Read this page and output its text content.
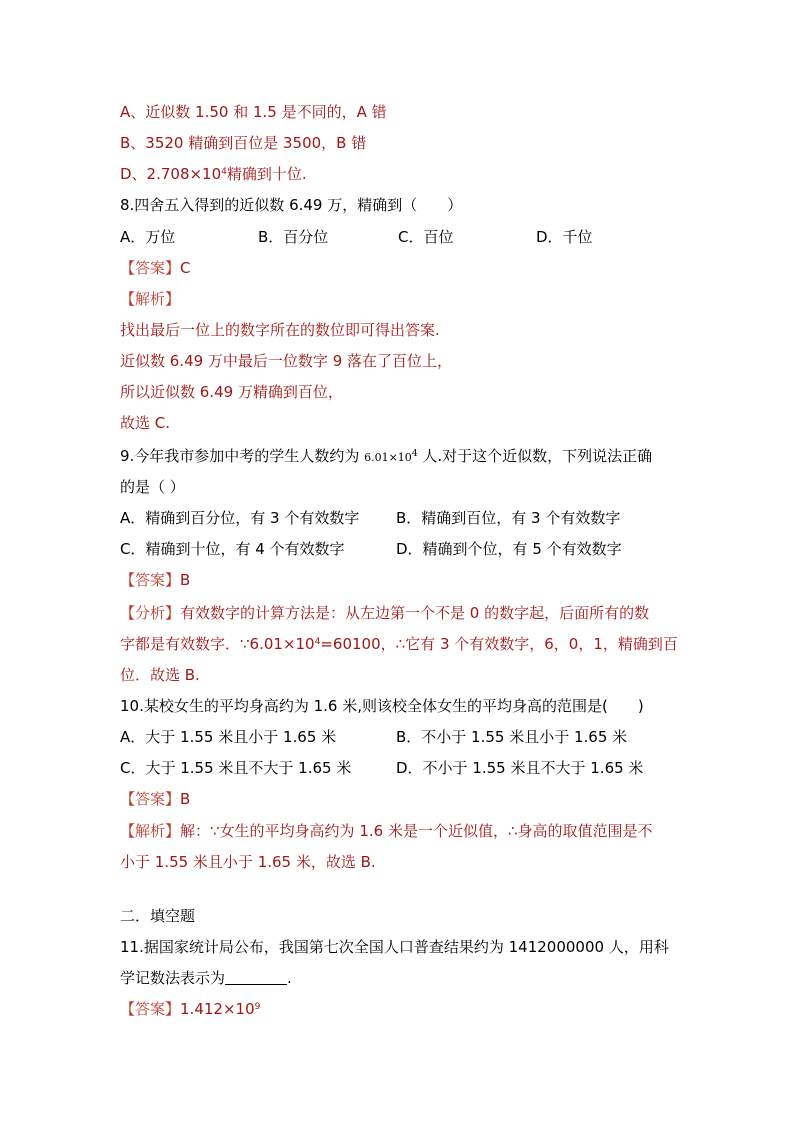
A、近似数 1.50 和 1.5 是不同的，A 错
B、3520 精确到百位是 3500，B 错
D、$2.708\times 10^4$精确到十位.
8.四舍五入得到的近似数 6.49 万，精确到（　　）
A．万位	B．百分位	C．百位	D．千位
【答案】C
【解析】
找出最后一位上的数字所在的数位即可得出答案.
近似数 6.49 万中最后一位数字 9 落在了百位上，
所以近似数 6.49 万精确到百位，
故选 C.
9.今年我市参加中考的学生人数约为 $6.01\times 10^4$ 人.对于这个近似数，下列说法正确
的是（ ）
A．精确到百分位，有 3 个有效数字 B．精确到百位，有 3 个有效数字
C．精确到十位，有 4 个有效数字	D．精确到个位，有 5 个有效数字
【答案】B
【分析】有效数字的计算方法是：从左边第一个不是 0 的数字起，后面所有的数
字都是有效数字．$\because 6.01\times 10^4=60100$，∴它有 3 个有效数字，6，0，1，精确到百
位．故选 B.
10.某校女生的平均身高约为 1.6 米,则该校全体女生的平均身高的范围是(　　)
A．大于 1.55 米且小于 1.65 米	B．不小于 1.55 米且小于 1.65 米
C．大于 1.55 米且不大于 1.65 米	D．不小于 1.55 米且不大于 1.65 米
【答案】B
【解析】解：∵女生的平均身高约为 1.6 米是一个近似值，∴身高的取值范围是不
小于 1.55 米且小于 1.65 米，故选 B.
二．填空题
11.据国家统计局公布，我国第七次全国人口普查结果约为 1412000000 人，用科
学记数法表示为	.
【答案】$1.412\times 10^9$
